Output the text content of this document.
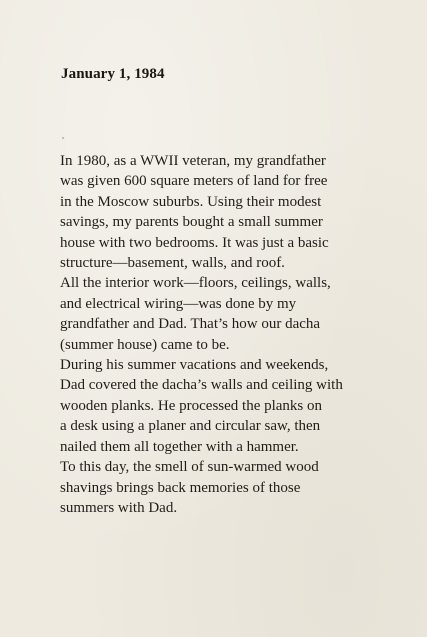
January 1, 1984
In 1980, as a WWII veteran, my grandfather
was given 600 square meters of land for free
in the Moscow suburbs. Using their modest
savings, my parents bought a small summer
house with two bedrooms. It was just a basic
structure—basement, walls, and roof.
All the interior work—floors, ceilings, walls,
and electrical wiring—was done by my
grandfather and Dad. That’s how our dacha
(summer house) came to be.
During his summer vacations and weekends,
Dad covered the dacha’s walls and ceiling with
wooden planks. He processed the planks on
a desk using a planer and circular saw, then
nailed them all together with a hammer.
To this day, the smell of sun-warmed wood
shavings brings back memories of those
summers with Dad.
